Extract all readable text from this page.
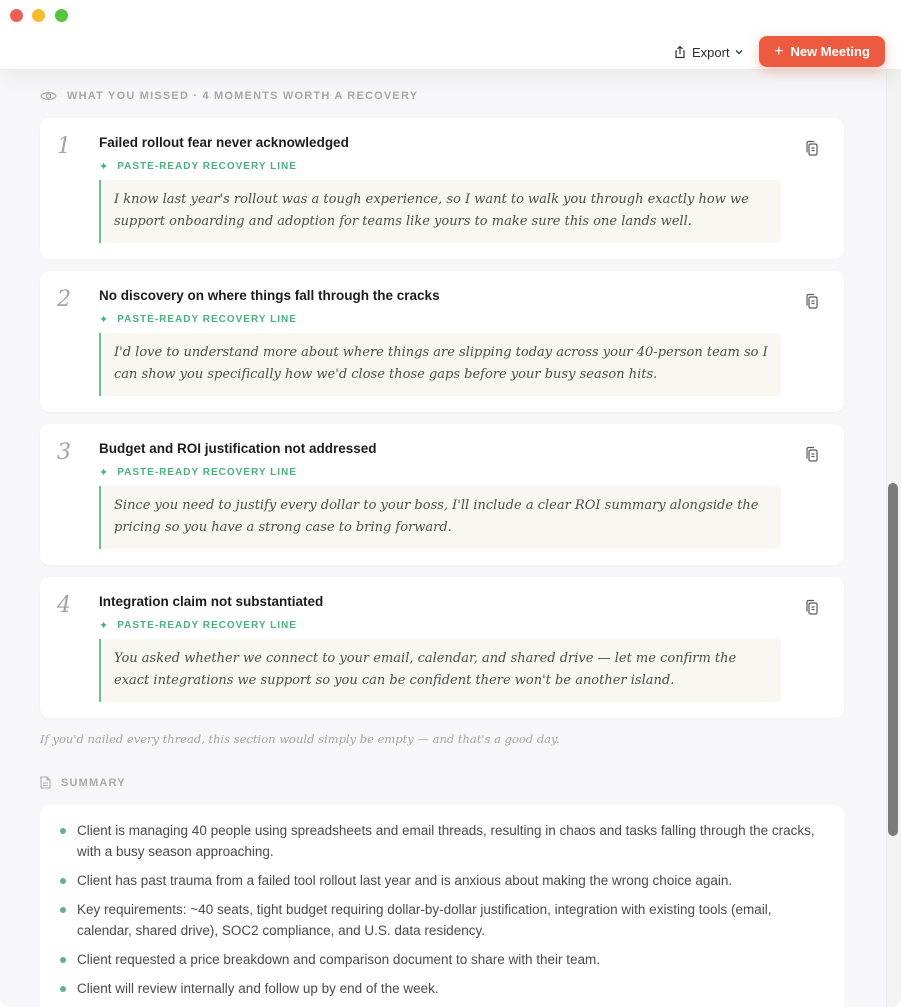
Export	+ New Meeting
WHAT YOU MISSED · 4 MOMENTS WORTH A RECOVERY
1 Failed rollout fear never acknowledged
✦ PASTE-READY RECOVERY LINE
I know last year's rollout was a tough experience, so I want to walk you through exactly how we support onboarding and adoption for teams like yours to make sure this one lands well.
2 No discovery on where things fall through the cracks
✦ PASTE-READY RECOVERY LINE
I'd love to understand more about where things are slipping today across your 40-person team so I can show you specifically how we'd close those gaps before your busy season hits.
3 Budget and ROI justification not addressed
✦ PASTE-READY RECOVERY LINE
Since you need to justify every dollar to your boss, I'll include a clear ROI summary alongside the pricing so you have a strong case to bring forward.
4 Integration claim not substantiated
✦ PASTE-READY RECOVERY LINE
You asked whether we connect to your email, calendar, and shared drive — let me confirm the exact integrations we support so you can be confident there won't be another island.
If you'd nailed every thread, this section would simply be empty — and that's a good day.
SUMMARY
Client is managing 40 people using spreadsheets and email threads, resulting in chaos and tasks falling through the cracks, with a busy season approaching.
Client has past trauma from a failed tool rollout last year and is anxious about making the wrong choice again.
Key requirements: ~40 seats, tight budget requiring dollar-by-dollar justification, integration with existing tools (email, calendar, shared drive), SOC2 compliance, and U.S. data residency.
Client requested a price breakdown and comparison document to share with their team.
Client will review internally and follow up by end of the week.
